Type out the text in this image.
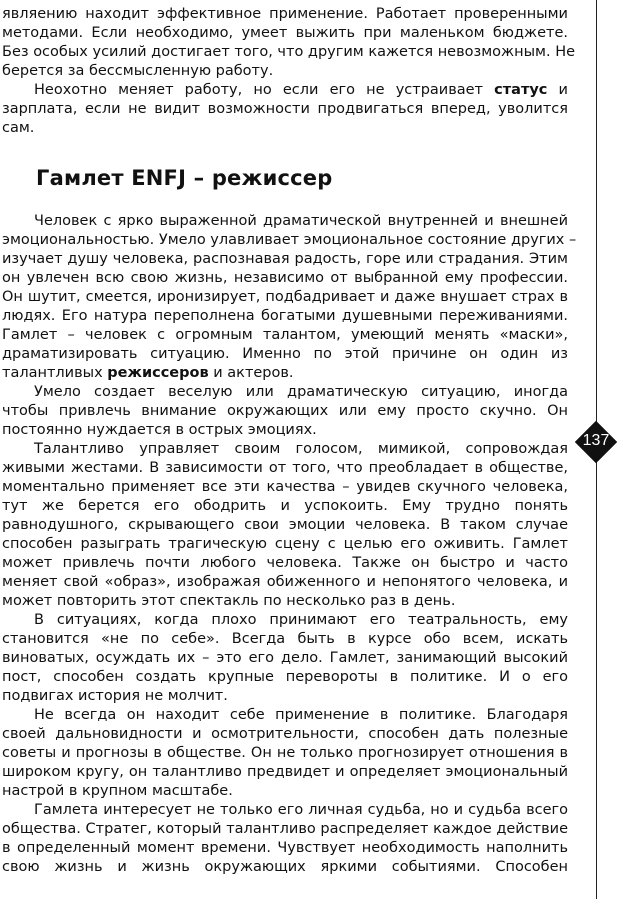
являению находит эффективное применение. Работает проверенными
методами. Если необходимо, умеет выжить при маленьком бюджете.
Без особых усилий достигает того, что другим кажется невозможным. Не
берется за бессмысленную работу.
Неохотно меняет работу, но если его не устраивает статус и
зарплата, если не видит возможности продвигаться вперед, уволится
сам.
Гамлет ENFJ – режиссер
Человек с ярко выраженной драматической внутренней и внешней
эмоциональностью. Умело улавливает эмоциональное состояние других –
изучает душу человека, распознавая радость, горе или страдания. Этим
он увлечен всю свою жизнь, независимо от выбранной ему профессии.
Он шутит, смеется, иронизирует, подбадривает и даже внушает страх в
людях. Его натура переполнена богатыми душевными переживаниями.
Гамлет – человек с огромным талантом, умеющий менять «маски»,
драматизировать ситуацию. Именно по этой причине он один из
талантливых режиссеров и актеров.
Умело создает веселую или драматическую ситуацию, иногда
чтобы привлечь внимание окружающих или ему просто скучно. Он
постоянно нуждается в острых эмоциях.
Талантливо управляет своим голосом, мимикой, сопровождая
живыми жестами. В зависимости от того, что преобладает в обществе,
моментально применяет все эти качества – увидев скучного человека,
тут же берется его ободрить и успокоить. Ему трудно понять
равнодушного, скрывающего свои эмоции человека. В таком случае
способен разыграть трагическую сцену с целью его оживить. Гамлет
может привлечь почти любого человека. Также он быстро и часто
меняет свой «образ», изображая обиженного и непонятого человека, и
может повторить этот спектакль по несколько раз в день.
В ситуациях, когда плохо принимают его театральность, ему
становится «не по себе». Всегда быть в курсе обо всем, искать
виноватых, осуждать их – это его дело. Гамлет, занимающий высокий
пост, способен создать крупные перевороты в политике. И о его
подвигах история не молчит.
Не всегда он находит себе применение в политике. Благодаря
своей дальновидности и осмотрительности, способен дать полезные
советы и прогнозы в обществе. Он не только прогнозирует отношения в
широком кругу, он талантливо предвидет и определяет эмоциональный
настрой в крупном масштабе.
Гамлета интересует не только его личная судьба, но и судьба всего
общества. Стратег, который талантливо распределяет каждое действие
в определенный момент времени. Чувствует необходимость наполнить
свою жизнь и жизнь окружающих яркими событиями. Способен
137
